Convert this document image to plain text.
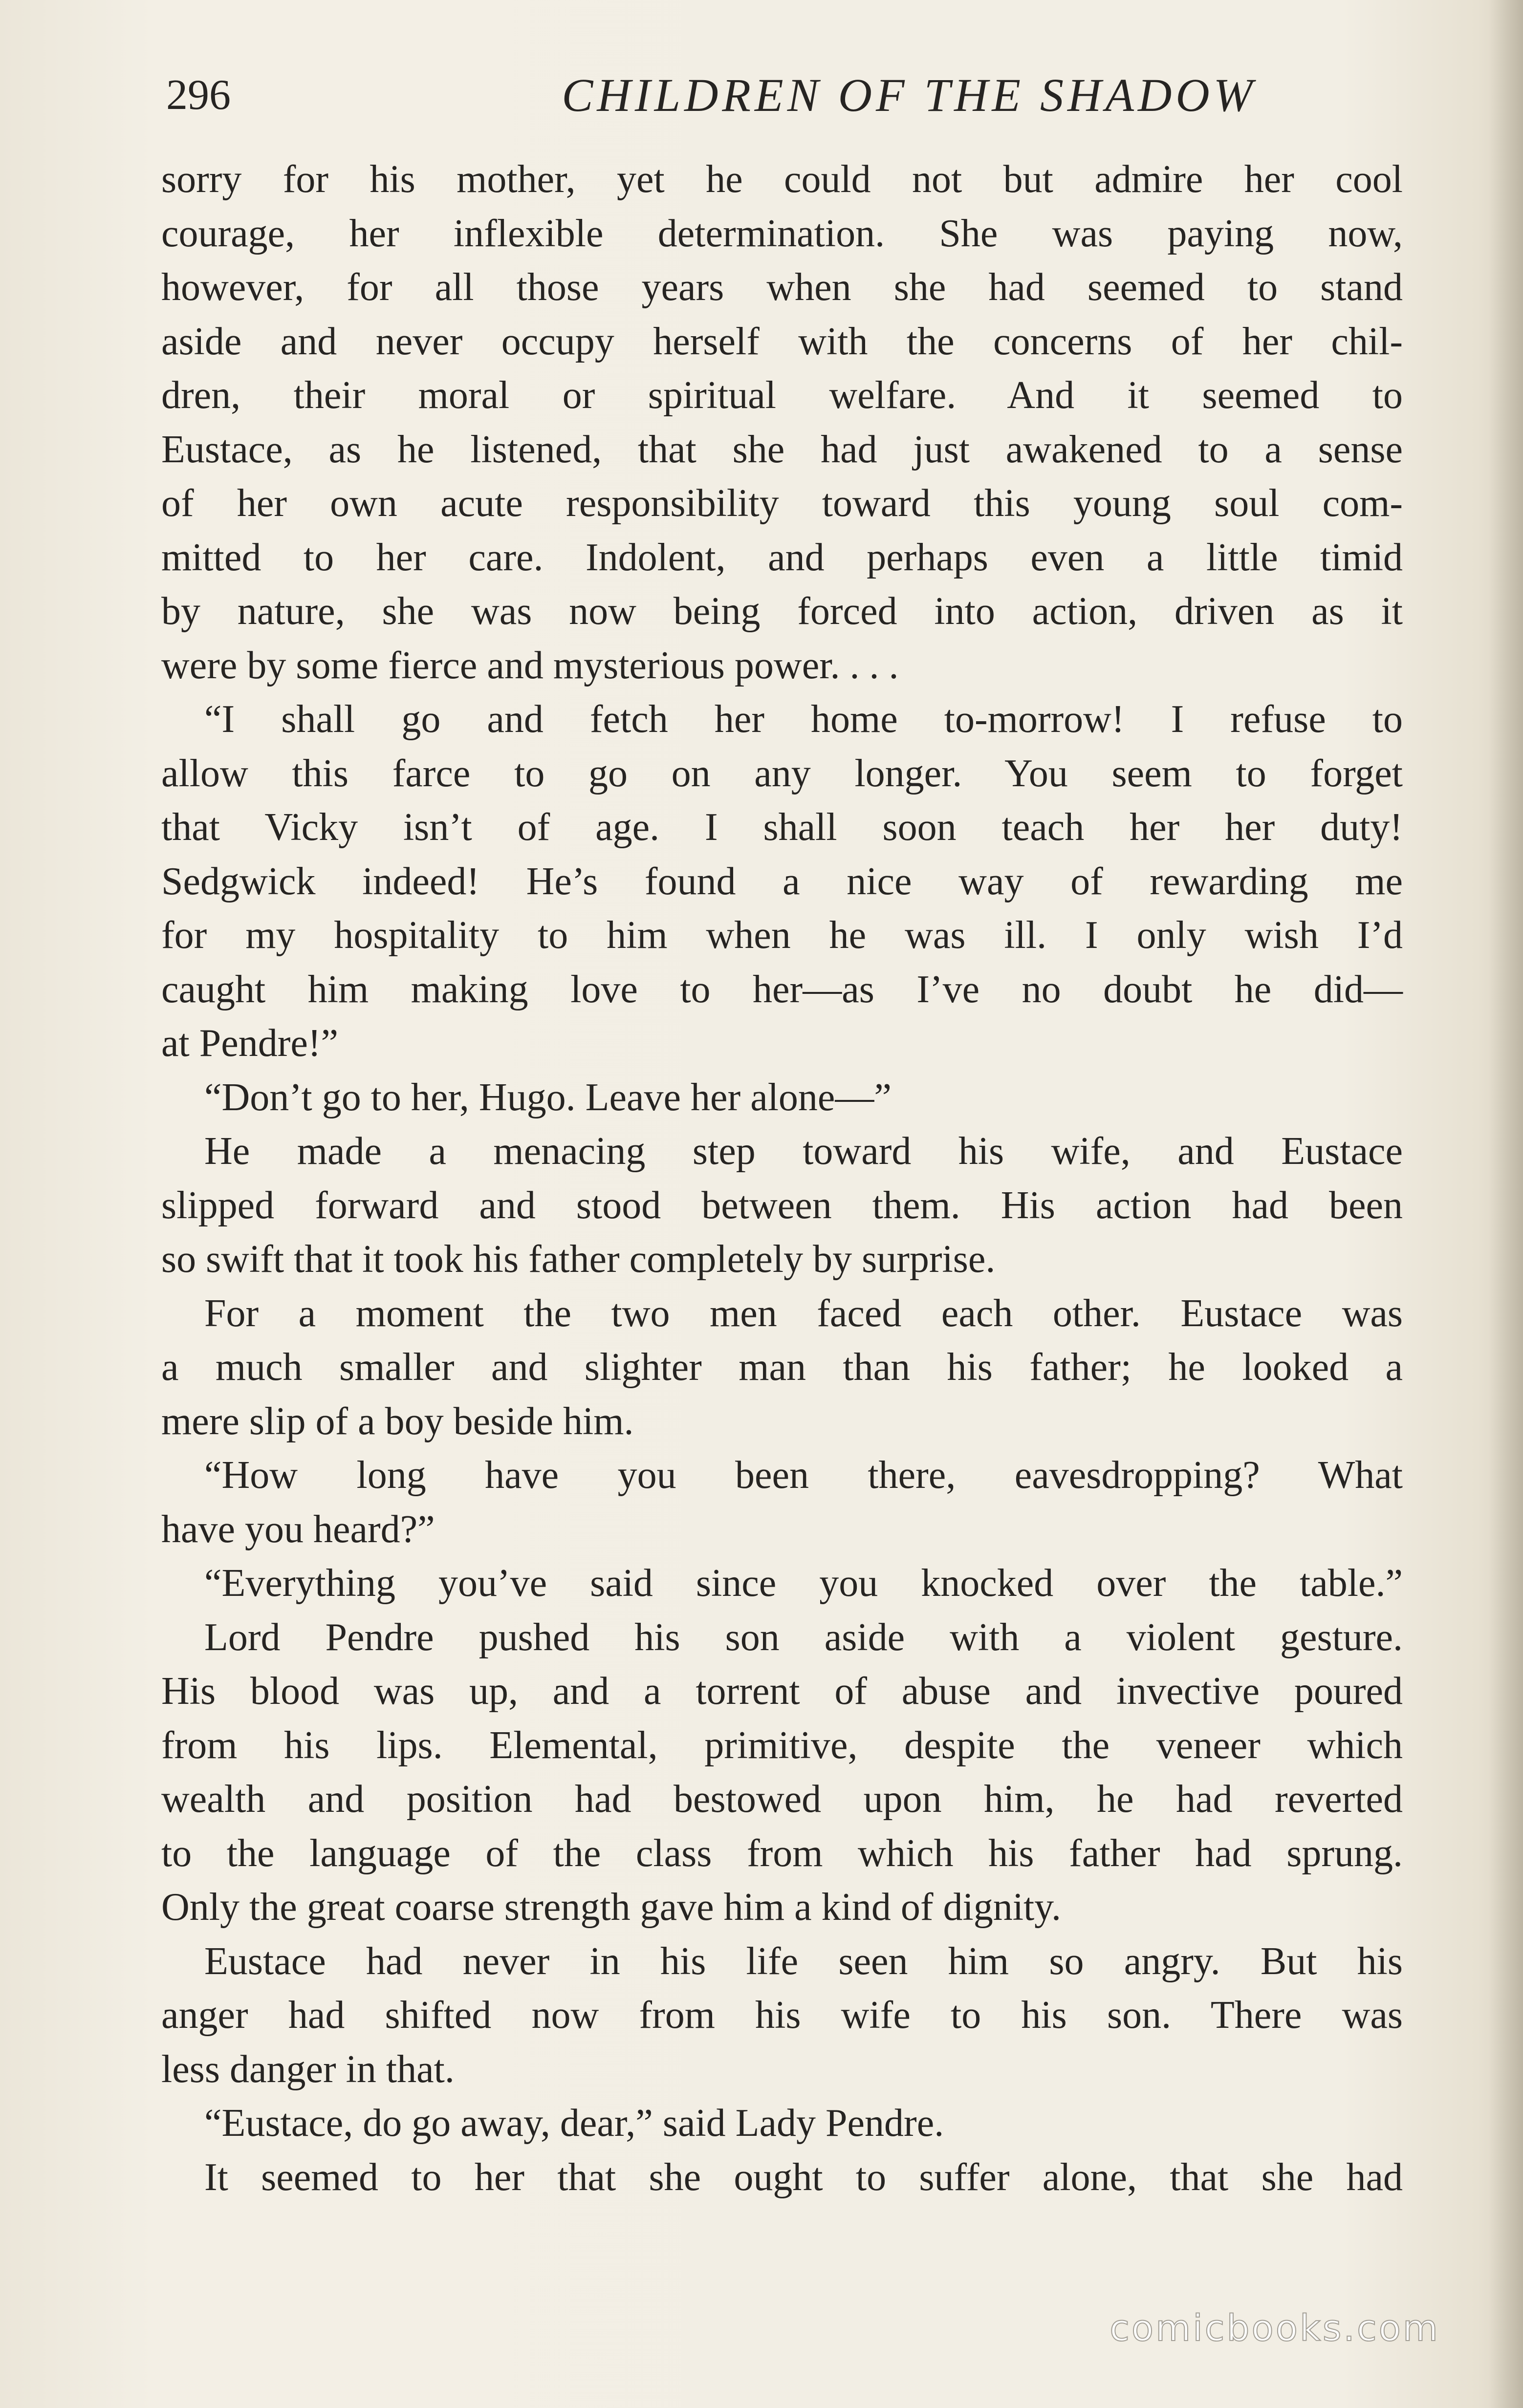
296	CHILDREN OF THE SHADOW

sorry for his mother, yet he could not but admire her cool

courage, her inflexible determination. She was paying now,

however, for all those years when she had seemed to stand

aside and never occupy herself with the concerns of her chil-

dren, their moral or spiritual welfare. And it seemed to

Eustace, as he listened, that she had just awakened to a sense

of her own acute responsibility toward this young soul com-

mitted to her care. Indolent, and perhaps even a little timid

by nature, she was now being forced into action, driven as it

were by some fierce and mysterious power. . . .

“I shall go and fetch her home to-morrow! I refuse to

allow this farce to go on any longer. You seem to forget

that Vicky isn’t of age. I shall soon teach her her duty!

Sedgwick indeed! He’s found a nice way of rewarding me

for my hospitality to him when he was ill. I only wish I’d

caught him making love to her—as I’ve no doubt he did—

at Pendre!”

“Don’t go to her, Hugo. Leave her alone—”

He made a menacing step toward his wife, and Eustace

slipped forward and stood between them. His action had been

so swift that it took his father completely by surprise.

For a moment the two men faced each other. Eustace was

a much smaller and slighter man than his father; he looked a

mere slip of a boy beside him.

“How long have you been there, eavesdropping? What

have you heard?”

“Everything you’ve said since you knocked over the table.”

Lord Pendre pushed his son aside with a violent gesture.

His blood was up, and a torrent of abuse and invective poured

from his lips. Elemental, primitive, despite the veneer which

wealth and position had bestowed upon him, he had reverted

to the language of the class from which his father had sprung.

Only the great coarse strength gave him a kind of dignity.

Eustace had never in his life seen him so angry. But his

anger had shifted now from his wife to his son. There was

less danger in that.

“Eustace, do go away, dear,” said Lady Pendre.

It seemed to her that she ought to suffer alone, that she had

comicbooks.com
